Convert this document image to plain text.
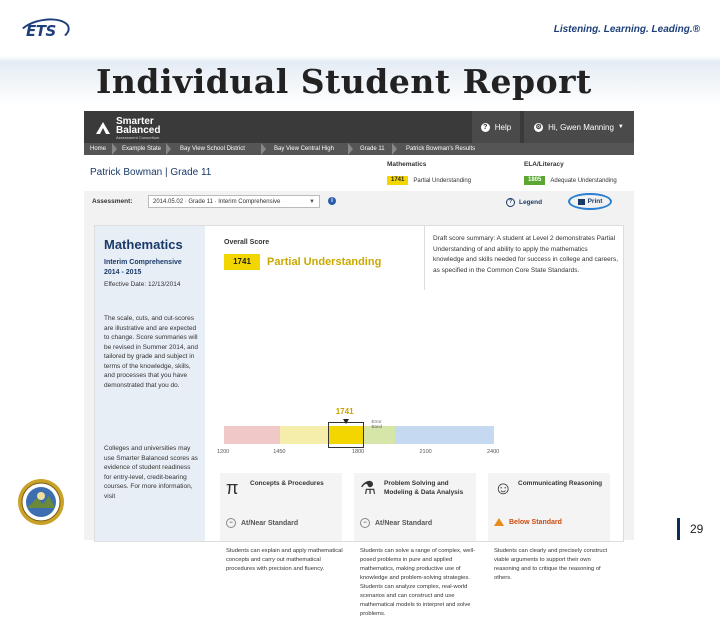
ETS	Listening. Learning. Leading.®
Individual Student Report
29
Smarter
Balanced
Assessment Consortium
? Help	⚙ Hi, Gwen Manning ▼
Home	Example State	Bay View School District	Bay View Central High	Grade 11	Patrick Bowman's Results
Patrick Bowman | Grade 11
Mathematics
1741	Partial Understanding
ELA/Literacy
1805	Adequate Understanding
Assessment:	2014.05.02 · Grade 11 · Interim Comprehensive	▼	i	?	Legend	Print
Mathematics
Interim Comprehensive 2014 - 2015
Effective Date: 12/13/2014
The scale, cuts, and cut-scores are illustrative and are expected to change. Score summaries will be revised in Summer 2014, and tailored by grade and subject in terms of the knowledge, skills, and processes that you have demonstrated that you do.
Colleges and universities may use Smarter Balanced scores as evidence of student readiness for entry-level, credit-bearing courses. For more information, visit
Overall Score
1741	Partial Understanding
Draft score summary: A student at Level 2 demonstrates Partial Understanding of and ability to apply the mathematics knowledge and skills needed for success in college and careers, as specified in the Common Core State Standards.
1741
Error Band
1200	1450	1800	2100	2400
π Concepts & Procedures
−	At/Near Standard
⚗ Problem Solving and Modeling & Data Analysis
−	At/Near Standard
☺ Communicating Reasoning
Below Standard
Students can explain and apply mathematical concepts and carry out mathematical procedures with precision and fluency.
Students can solve a range of complex, well-posed problems in pure and applied mathematics, making productive use of knowledge and problem-solving strategies. Students can analyze complex, real-world scenarios and can construct and use mathematical models to interpret and solve problems.
Students can clearly and precisely construct viable arguments to support their own reasoning and to critique the reasoning of others.
